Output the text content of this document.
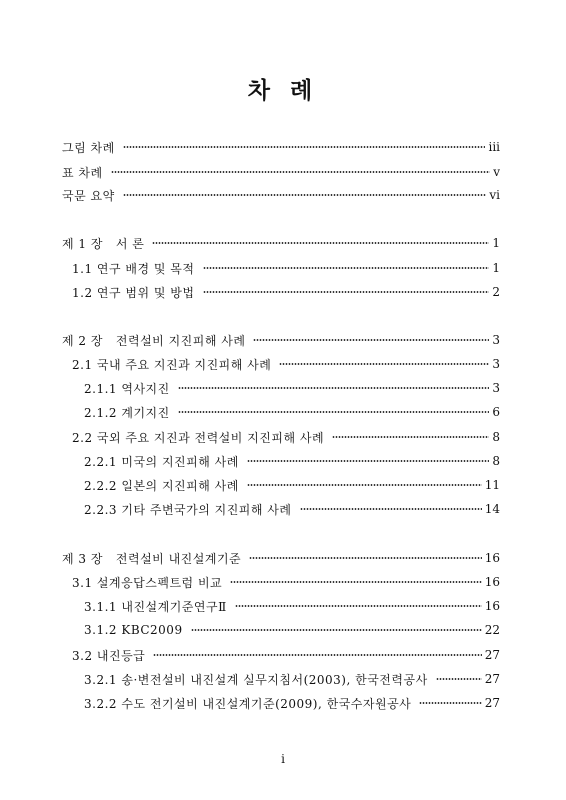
차 례
그림 차례	iii
표 차례	v
국문 요약	vi
제 1 장   서 론	1
1.1 연구 배경 및 목적	1
1.2 연구 범위 및 방법	2
제 2 장   전력설비 지진피해 사례	3
2.1 국내 주요 지진과 지진피해 사례	3
2.1.1 역사지진	3
2.1.2 계기지진	6
2.2 국외 주요 지진과 전력설비 지진피해 사례	8
2.2.1 미국의 지진피해 사례	8
2.2.2 일본의 지진피해 사례	11
2.2.3 기타 주변국가의 지진피해 사례	14
제 3 장   전력설비 내진설계기준	16
3.1 설계응답스펙트럼 비교	16
3.1.1 내진설계기준연구Ⅱ	16
3.1.2 KBC2009	22
3.2 내진등급	27
3.2.1 송·변전설비 내진설계 실무지침서(2003), 한국전력공사	27
3.2.2 수도 전기설비 내진설계기준(2009), 한국수자원공사	27
i
